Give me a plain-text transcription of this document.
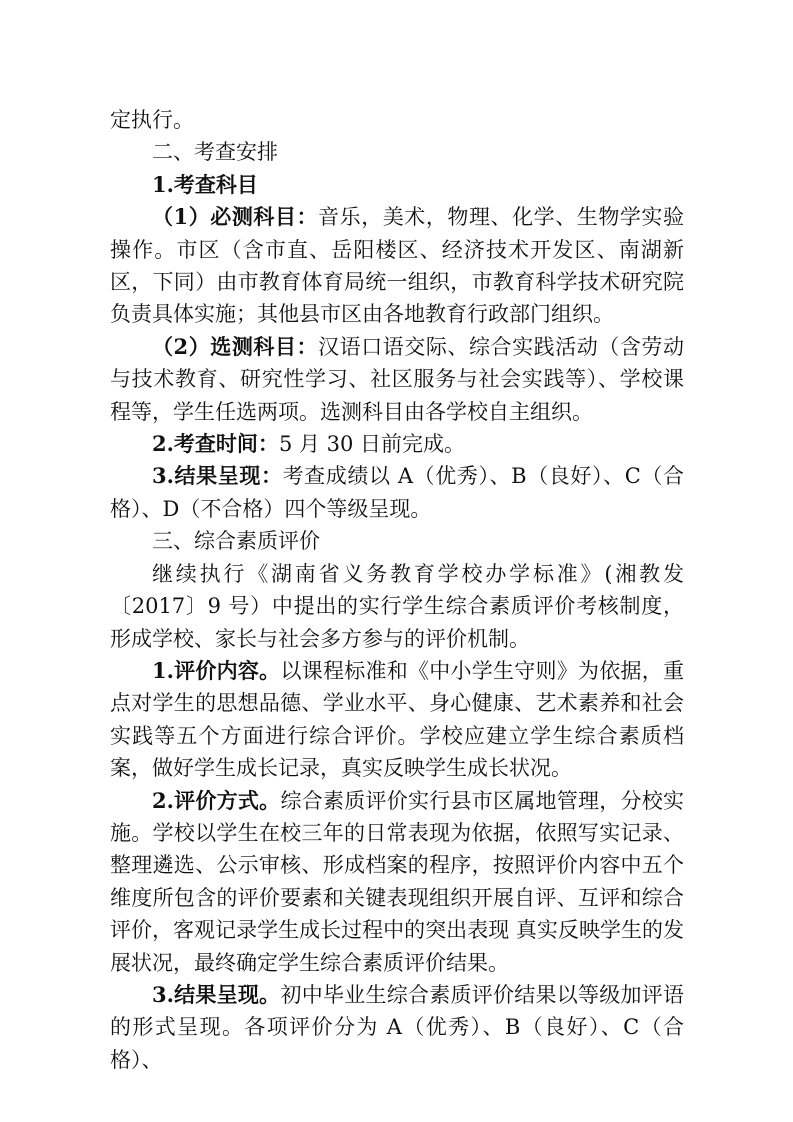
定执行。

二、考查安排

1.考查科目

（1）必测科目：音乐，美术，物理、化学、生物学实验操作。市区（含市直、岳阳楼区、经济技术开发区、南湖新区，下同）由市教育体育局统一组织，市教育科学技术研究院负责具体实施；其他县市区由各地教育行政部门组织。

（2）选测科目：汉语口语交际、综合实践活动（含劳动与技术教育、研究性学习、社区服务与社会实践等）、学校课程等，学生任选两项。选测科目由各学校自主组织。

2.考查时间：5 月 30 日前完成。

3.结果呈现：考查成绩以 A（优秀）、B（良好）、C（合格）、D（不合格）四个等级呈现。

三、综合素质评价

继续执行《湖南省义务教育学校办学标准》(湘教发〔2017〕9 号）中提出的实行学生综合素质评价考核制度，形成学校、家长与社会多方参与的评价机制。

1.评价内容。以课程标准和《中小学生守则》为依据，重点对学生的思想品德、学业水平、身心健康、艺术素养和社会实践等五个方面进行综合评价。学校应建立学生综合素质档案，做好学生成长记录，真实反映学生成长状况。

2.评价方式。综合素质评价实行县市区属地管理，分校实施。学校以学生在校三年的日常表现为依据，依照写实记录、整理遴选、公示审核、形成档案的程序，按照评价内容中五个维度所包含的评价要素和关键表现组织开展自评、互评和综合评价，客观记录学生成长过程中的突出表现 真实反映学生的发展状况，最终确定学生综合素质评价结果。

3.结果呈现。初中毕业生综合素质评价结果以等级加评语的形式呈现。各项评价分为 A（优秀）、B（良好）、C（合格）、
